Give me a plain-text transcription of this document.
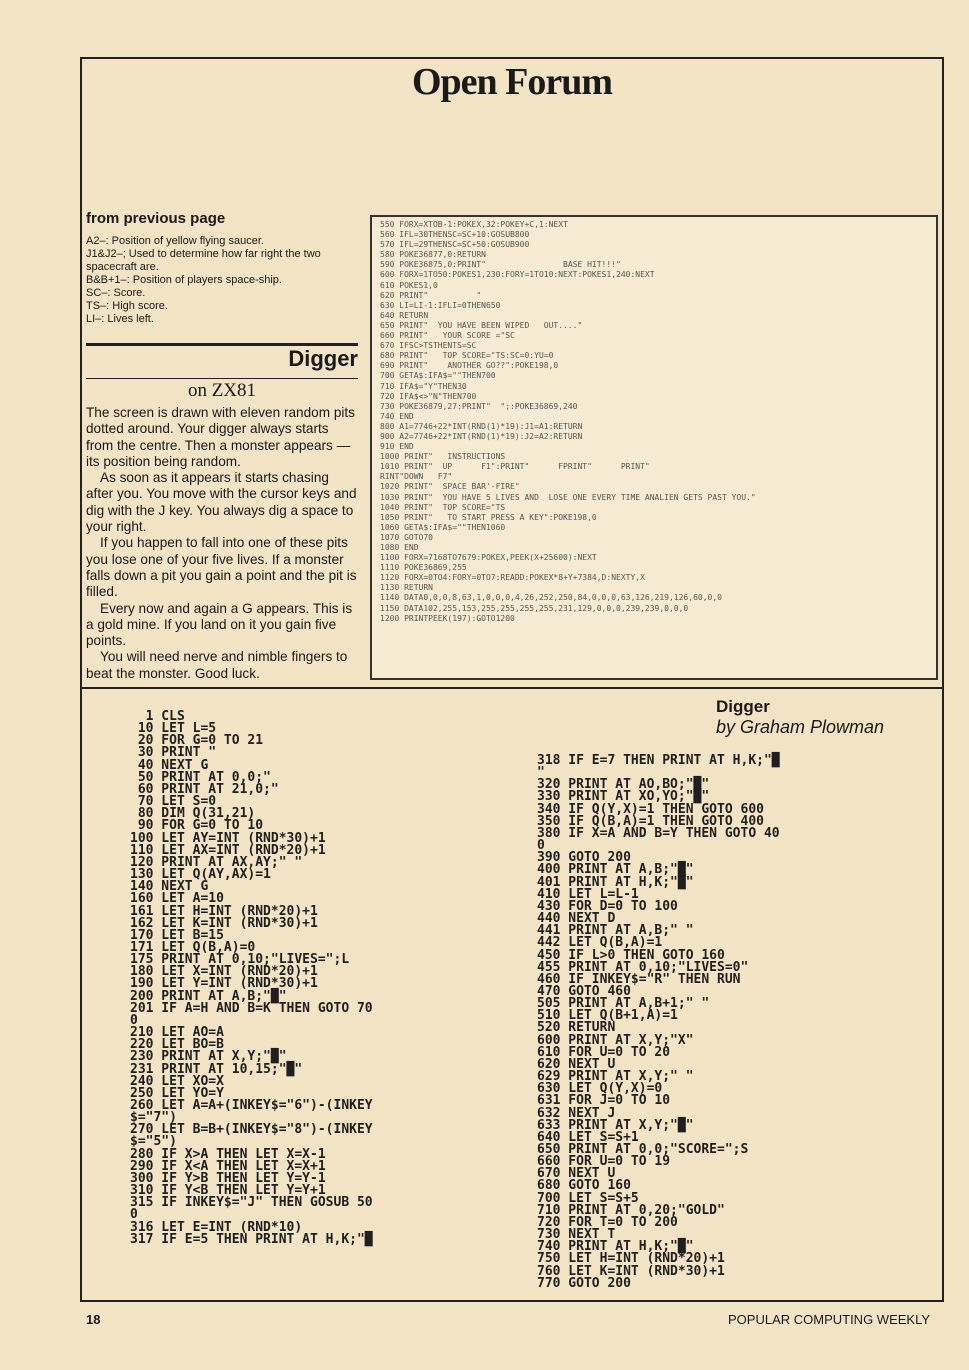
Open Forum
from previous page

A2–: Position of yellow flying saucer.

J1&J2–; Used to determine how far right the two spacecraft are.

B&B+1–: Position of players space-ship.

SC–: Score.

TS–: High score.

LI–: Lives left.

Digger
on ZX81

The screen is drawn with eleven random pits dotted around. Your digger always starts from the centre. Then a monster appears — its position being random.

As soon as it appears it starts chasing after you. You move with the cursor keys and dig with the J key. You always dig a space to your right.

If you happen to fall into one of these pits you lose one of your five lives. If a monster falls down a pit you gain a point and the pit is filled.

Every now and again a G appears. This is a gold mine. If you land on it you gain five points.

You will need nerve and nimble fingers to beat the monster. Good luck.

550 FORX=XTOB-1:POKEX,32:POKEY+C,1:NEXT
560 IFL=30THENSC=SC+10:GOSUB800
570 IFL=29THENSC=SC+50:GOSUB900
580 POKE36877,0:RETURN
590 POKE36875,0:PRINT"                BASE HIT!!!"
600 FORX=1TO50:POKES1,230:FORY=1TO10:NEXT:POKES1,240:NEXT
610 POKES1,0
620 PRINT"          "
630 LI=LI-1:IFLI=0THEN650
640 RETURN
650 PRINT"  YOU HAVE BEEN WIPED   OUT...."
660 PRINT"   YOUR SCORE ="SC
670 IFSC>TSTHENTS=SC
680 PRINT"   TOP SCORE="TS:SC=0:YU=0
690 PRINT"    ANOTHER GO??":POKE198,0
700 GETA$:IFA$=""THEN700
710 IFA$="Y"THEN30
720 IFA$<>"N"THEN700
730 POKE36879,27:PRINT"  ";:POKE36869,240
740 END
800 A1=7746+22*INT(RND(1)*19):J1=A1:RETURN
900 A2=7746+22*INT(RND(1)*19):J2=A2:RETURN
910 END
1000 PRINT"   INSTRUCTIONS
1010 PRINT"  UP      F1":PRINT"      FPRINT"      PRINT"
RINT"DOWN   F7"
1020 PRINT"  SPACE BAR'-FIRE"
1030 PRINT"  YOU HAVE 5 LIVES AND  LOSE ONE EVERY TIME ANALIEN GETS PAST YOU."
1040 PRINT"  TOP SCORE="TS
1050 PRINT"   TO START PRESS A KEY":POKE198,0
1060 GETA$:IFA$=""THEN1060
1070 GOTO70
1080 END
1100 FORX=7168TO7679:POKEX,PEEK(X+25600):NEXT
1110 POKE36869,255
1120 FORX=0TO4:FORY=0TO7:READD:POKEX*8+Y+7384,D:NEXTY,X
1130 RETURN
1140 DATA0,0,0,8,63,1,0,0,0,4,26,252,250,84,0,0,0,63,126,219,126,60,0,0
1150 DATA102,255,153,255,255,255,255,231,129,0,0,0,239,239,0,0,0
1200 PRINTPEEK(197):GOTO1200
Digger
by Graham Plowman
1 CLS
10 LET L=5
20 FOR G=0 TO 21
30 PRINT "
40 NEXT G
50 PRINT AT 0,0;"
60 PRINT AT 21,0;"
70 LET S=0
80 DIM Q(31,21)
90 FOR G=0 TO 10
100 LET AY=INT (RND*30)+1
110 LET AX=INT (RND*20)+1
120 PRINT AT AX,AY;" "
130 LET Q(AY,AX)=1
140 NEXT G
160 LET A=10
161 LET H=INT (RND*20)+1
162 LET K=INT (RND*30)+1
170 LET B=15
171 LET Q(B,A)=0
175 PRINT AT 0,10;"LIVES=";L
180 LET X=INT (RND*20)+1
190 LET Y=INT (RND*30)+1
200 PRINT AT A,B;"█"
201 IF A=H AND B=K THEN GOTO 70
0
210 LET AO=A
220 LET BO=B
230 PRINT AT X,Y;"█"
231 PRINT AT 10,15;"█"
240 LET XO=X
250 LET YO=Y
260 LET A=A+(INKEY$="6")-(INKEY
$="7")
270 LET B=B+(INKEY$="8")-(INKEY
$="5")
280 IF X>A THEN LET X=X-1
290 IF X<A THEN LET X=X+1
300 IF Y>B THEN LET Y=Y-1
310 IF Y<B THEN LET Y=Y+1
315 IF INKEY$="J" THEN GOSUB 50
0
316 LET E=INT (RND*10)
317 IF E=5 THEN PRINT AT H,K;"█
318 IF E=7 THEN PRINT AT H,K;"█
"
320 PRINT AT AO,BO;"█"
330 PRINT AT XO,YO;"█"
340 IF Q(Y,X)=1 THEN GOTO 600
350 IF Q(B,A)=1 THEN GOTO 400
380 IF X=A AND B=Y THEN GOTO 40
0
390 GOTO 200
400 PRINT AT A,B;"█"
401 PRINT AT H,K;"█"
410 LET L=L-1
430 FOR D=0 TO 100
440 NEXT D
441 PRINT AT A,B;" "
442 LET Q(B,A)=1
450 IF L>0 THEN GOTO 160
455 PRINT AT 0,10;"LIVES=0"
460 IF INKEY$="R" THEN RUN
470 GOTO 460
505 PRINT AT A,B+1;" "
510 LET Q(B+1,A)=1
520 RETURN
600 PRINT AT X,Y;"X"
610 FOR U=0 TO 20
620 NEXT U
629 PRINT AT X,Y;" "
630 LET Q(Y,X)=0
631 FOR J=0 TO 10
632 NEXT J
633 PRINT AT X,Y;"█"
640 LET S=S+1
650 PRINT AT 0,0;"SCORE=";S
660 FOR U=0 TO 19
670 NEXT U
680 GOTO 160
700 LET S=S+5
710 PRINT AT 0,20;"GOLD"
720 FOR T=0 TO 200
730 NEXT T
740 PRINT AT H,K;"█"
750 LET H=INT (RND*20)+1
760 LET K=INT (RND*30)+1
770 GOTO 200
18	POPULAR COMPUTING WEEKLY
